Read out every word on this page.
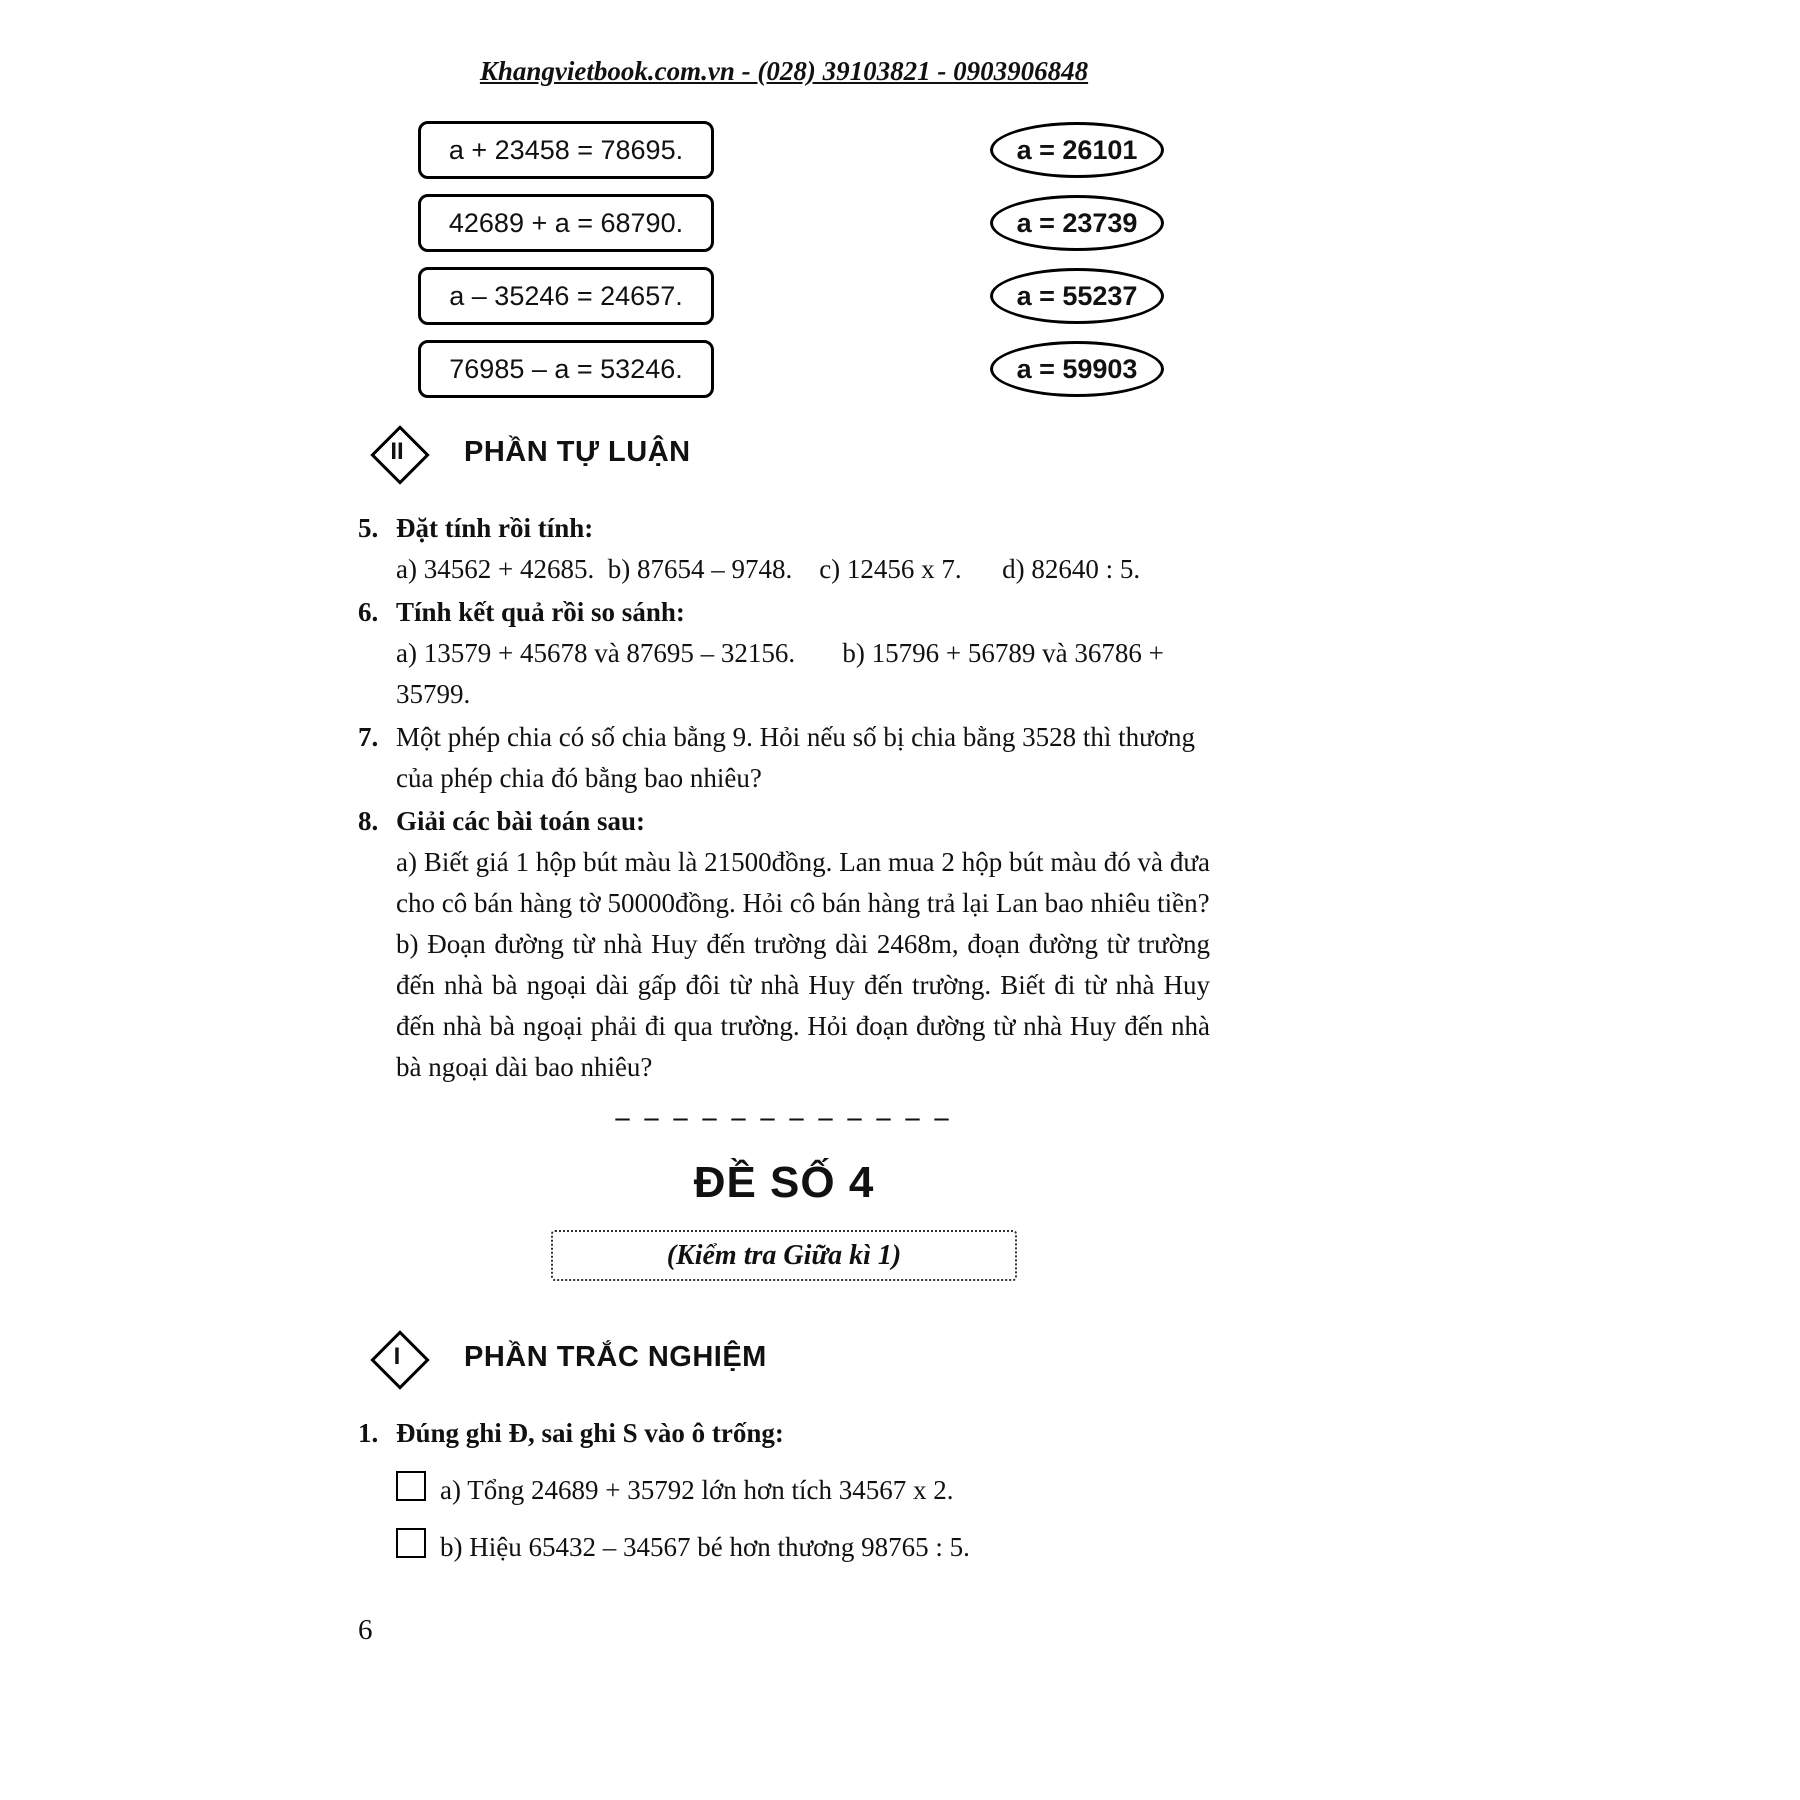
Khangvietbook.com.vn - (028) 39103821 - 0903906848
a + 23458 = 78695.	a = 26101
42689 + a = 68790.	a = 23739
a – 35246 = 24657.	a = 55237
76985 – a = 53246.	a = 59903
II	PHẦN TỰ LUẬN
5. Đặt tính rồi tính:
a) 34562 + 42685.  b) 87654 – 9748.    c) 12456 x 7.      d) 82640 : 5.
6. Tính kết quả rồi so sánh:
a) 13579 + 45678 và 87695 – 32156.       b) 15796 + 56789 và 36786 + 35799.
7. Một phép chia có số chia bằng 9. Hỏi nếu số bị chia bằng 3528 thì thương của phép chia đó bằng bao nhiêu?
8. Giải các bài toán sau:
a) Biết giá 1 hộp bút màu là 21500đồng. Lan mua 2 hộp bút màu đó và đưa cho cô bán hàng tờ 50000đồng. Hỏi cô bán hàng trả lại Lan bao nhiêu tiền?
b) Đoạn đường từ nhà Huy đến trường dài 2468m, đoạn đường từ trường đến nhà bà ngoại dài gấp đôi từ nhà Huy đến trường. Biết đi từ nhà Huy đến nhà bà ngoại phải đi qua trường. Hỏi đoạn đường từ nhà Huy đến nhà bà ngoại dài bao nhiêu?
– – – – – – – – – – – –
ĐỀ SỐ 4
(Kiểm tra Giữa kì 1)
I	PHẦN TRẮC NGHIỆM
1. Đúng ghi Đ, sai ghi S vào ô trống:
a) Tổng 24689 + 35792 lớn hơn tích 34567 x 2.
b) Hiệu 65432 – 34567 bé hơn thương 98765 : 5.
6
